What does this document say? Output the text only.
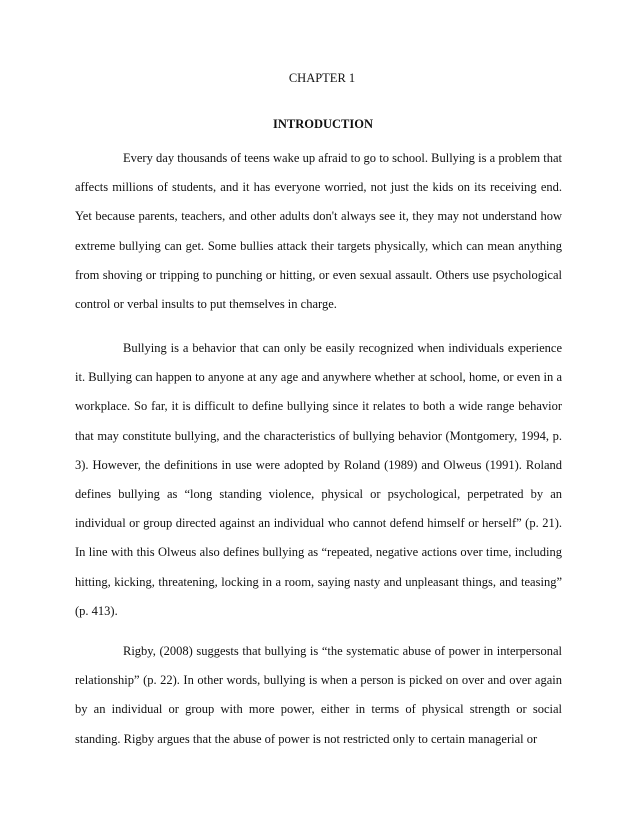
CHAPTER 1
INTRODUCTION

Every day thousands of teens wake up afraid to go to school. Bullying is a problem that affects millions of students, and it has everyone worried, not just the kids on its receiving end. Yet because parents, teachers, and other adults don't always see it, they may not understand how extreme bullying can get. Some bullies attack their targets physically, which can mean anything from shoving or tripping to punching or hitting, or even sexual assault. Others use psychological control or verbal insults to put themselves in charge.

Bullying is a behavior that can only be easily recognized when individuals experience it. Bullying can happen to anyone at any age and anywhere whether at school, home, or even in a workplace. So far, it is difficult to define bullying since it relates to both a wide range behavior that may constitute bullying, and the characteristics of bullying behavior (Montgomery, 1994, p. 3). However, the definitions in use were adopted by Roland (1989) and Olweus (1991). Roland defines bullying as “long standing violence, physical or psychological, perpetrated by an individual or group directed against an individual who cannot defend himself or herself” (p. 21). In line with this Olweus also defines bullying as “repeated, negative actions over time, including hitting, kicking, threatening, locking in a room, saying nasty and unpleasant things, and teasing” (p. 413).

Rigby, (2008) suggests that bullying is “the systematic abuse of power in interpersonal relationship” (p. 22). In other words, bullying is when a person is picked on over and over again by an individual or group with more power, either in terms of physical strength or social standing. Rigby argues that the abuse of power is not restricted only to certain managerial or
